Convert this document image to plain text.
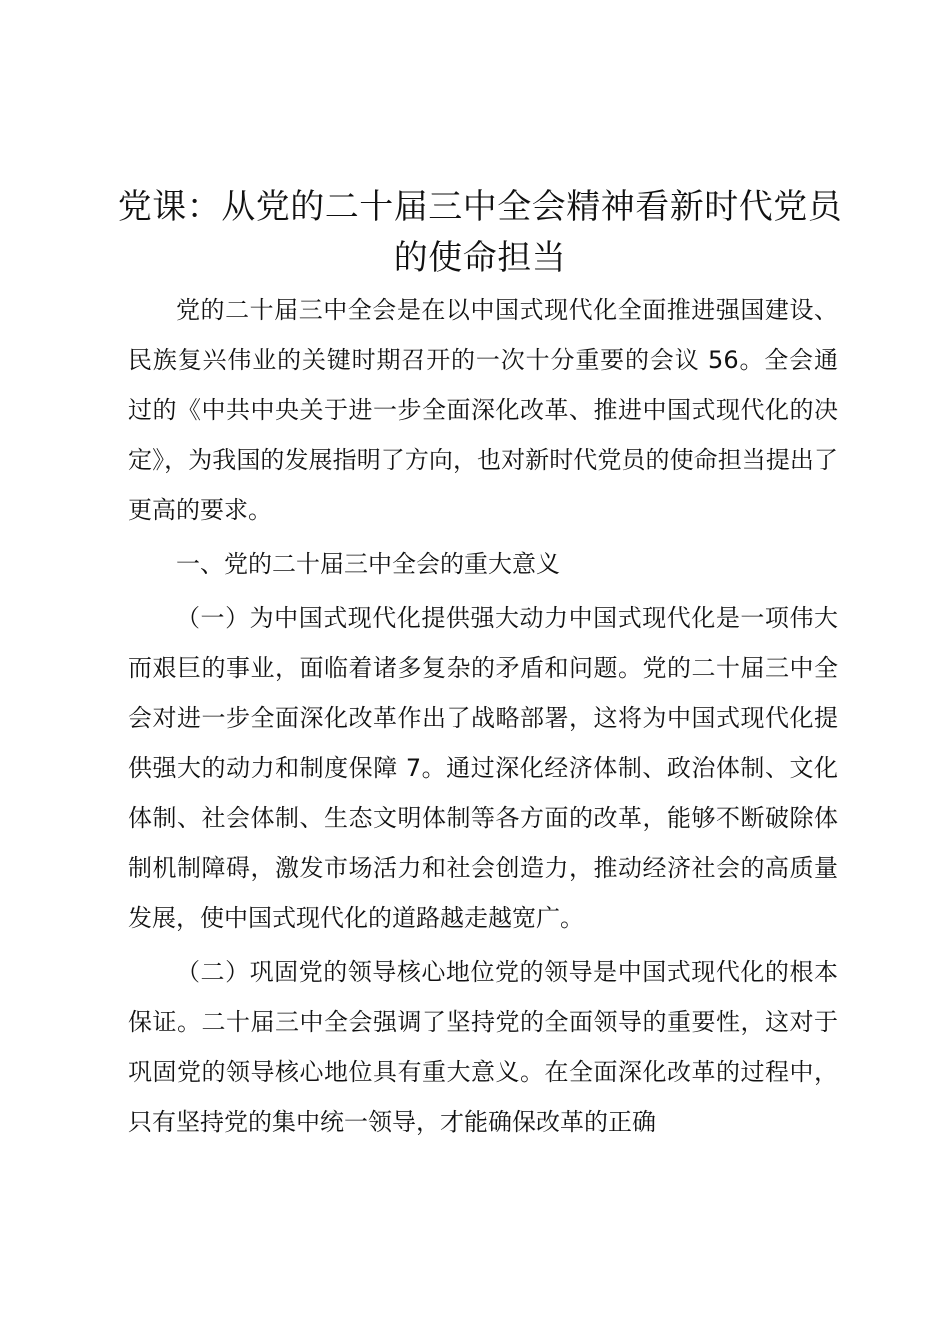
党课：从党的二十届三中全会精神看新时代党员的使命担当

党的二十届三中全会是在以中国式现代化全面推进强国建设、民族复兴伟业的关键时期召开的一次十分重要的会议 56。全会通过的《中共中央关于进一步全面深化改革、推进中国式现代化的决定》，为我国的发展指明了方向，也对新时代党员的使命担当提出了更高的要求。

一、党的二十届三中全会的重大意义

（一）为中国式现代化提供强大动力中国式现代化是一项伟大而艰巨的事业，面临着诸多复杂的矛盾和问题。党的二十届三中全会对进一步全面深化改革作出了战略部署，这将为中国式现代化提供强大的动力和制度保障 7。通过深化经济体制、政治体制、文化体制、社会体制、生态文明体制等各方面的改革，能够不断破除体制机制障碍，激发市场活力和社会创造力，推动经济社会的高质量发展，使中国式现代化的道路越走越宽广。

（二）巩固党的领导核心地位党的领导是中国式现代化的根本保证。二十届三中全会强调了坚持党的全面领导的重要性，这对于巩固党的领导核心地位具有重大意义。在全面深化改革的过程中，只有坚持党的集中统一领导，才能确保改革的正确
